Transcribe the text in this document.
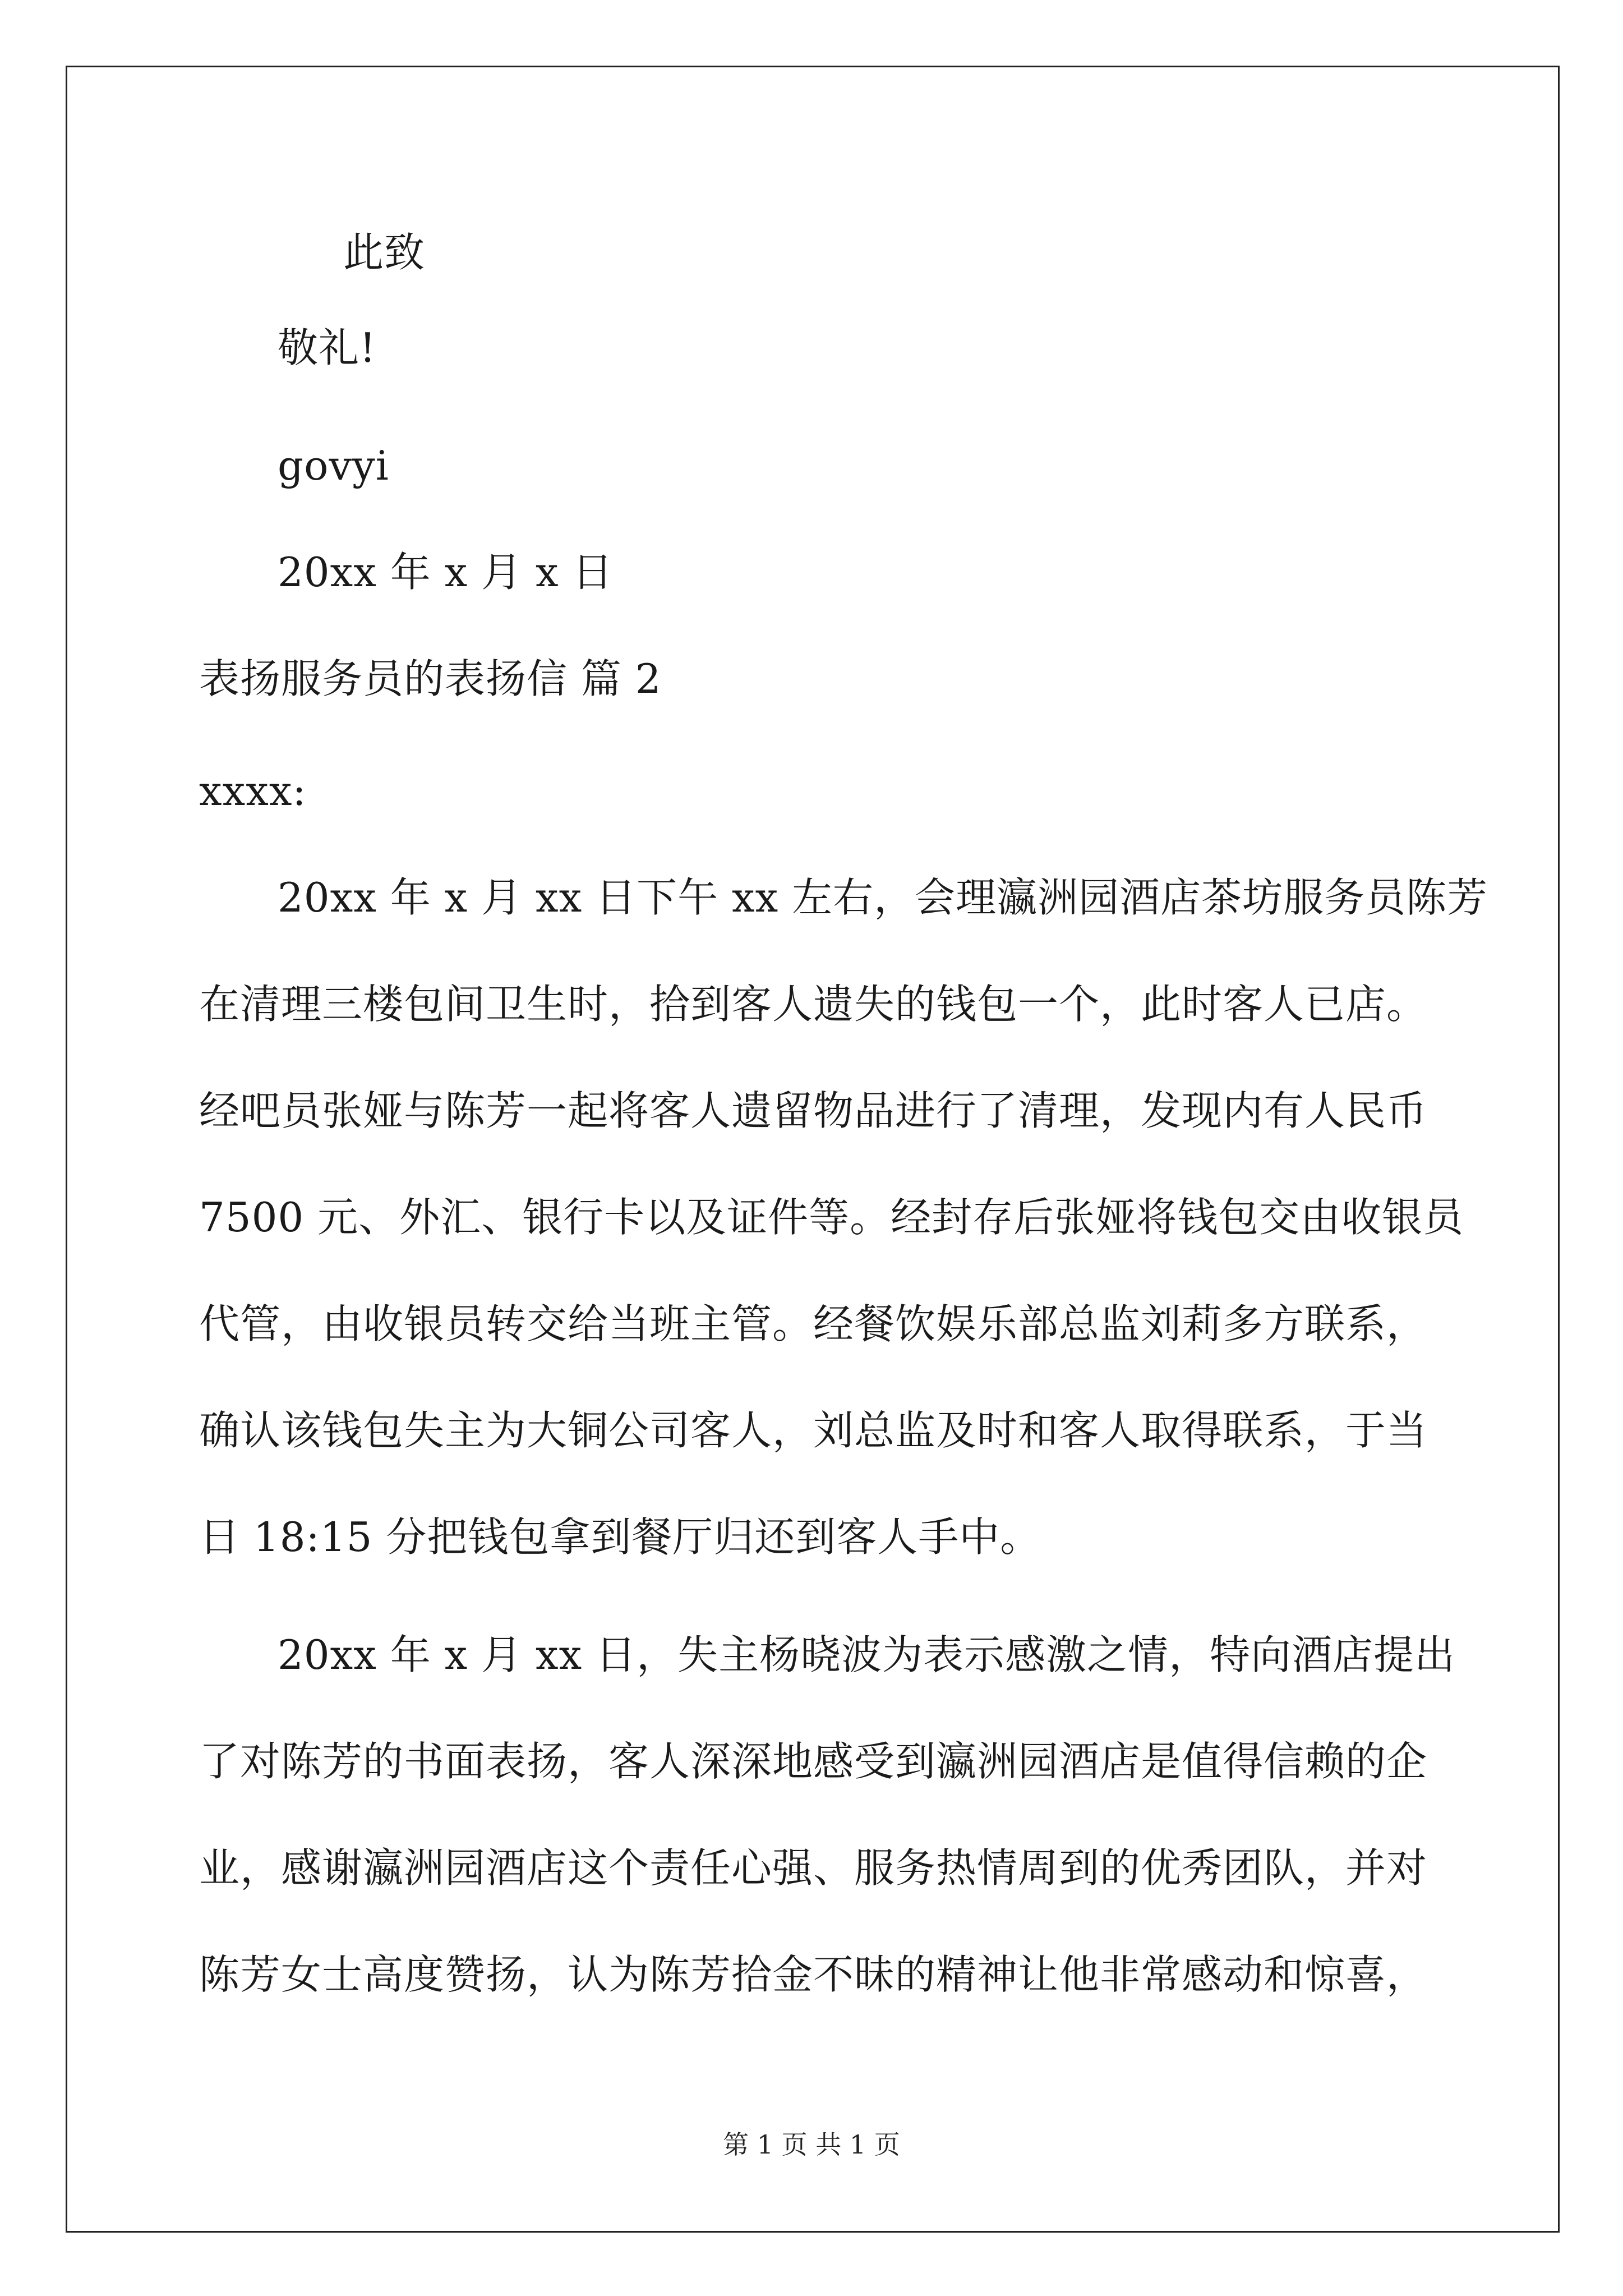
此致
敬礼!
govyi
20xx 年 x 月 x 日
表扬服务员的表扬信 篇 2
xxxx:
20xx 年 x 月 xx 日下午 xx 左右，会理瀛洲园酒店茶坊服务员陈芳
在清理三楼包间卫生时，拾到客人遗失的钱包一个，此时客人已店。
经吧员张娅与陈芳一起将客人遗留物品进行了清理，发现内有人民币
7500 元、外汇、银行卡以及证件等。经封存后张娅将钱包交由收银员
代管，由收银员转交给当班主管。经餐饮娱乐部总监刘莉多方联系，
确认该钱包失主为大铜公司客人，刘总监及时和客人取得联系，于当
日 18:15 分把钱包拿到餐厅归还到客人手中。
20xx 年 x 月 xx 日，失主杨晓波为表示感激之情，特向酒店提出
了对陈芳的书面表扬，客人深深地感受到瀛洲园酒店是值得信赖的企
业，感谢瀛洲园酒店这个责任心强、服务热情周到的优秀团队，并对
陈芳女士高度赞扬，认为陈芳拾金不昧的精神让他非常感动和惊喜，
第 1 页 共 1 页
